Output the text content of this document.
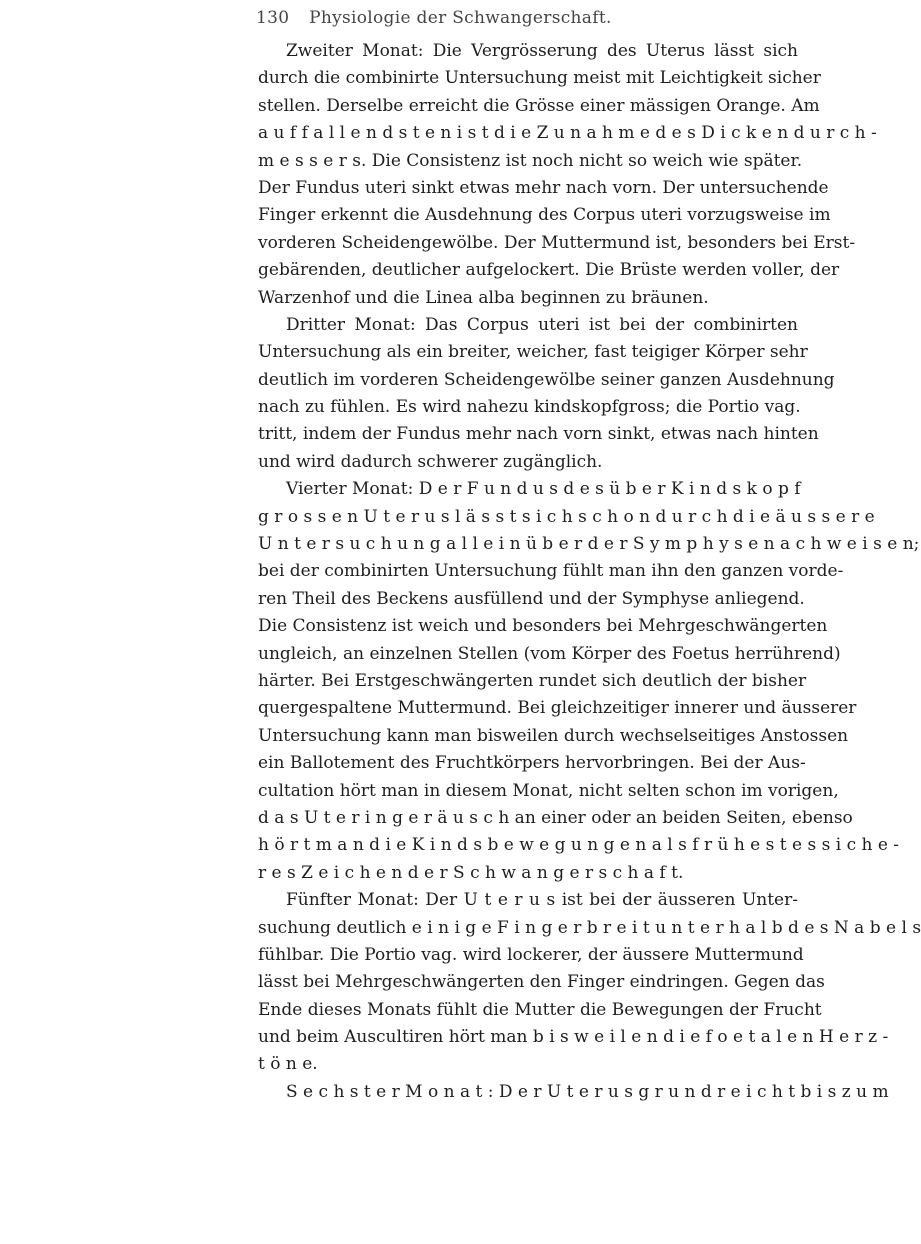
130 Physiologie der Schwangerschaft.
Zweiter Monat: Die Vergrösserung des Uterus lässt sich
durch die combinirte Untersuchung meist mit Leichtigkeit sicher
stellen. Derselbe erreicht die Grösse einer mässigen Orange. Am
a u f f a l l e n d s t e n i s t d i e Z u n a h m e d e s D i c k e n d u r c h -
m e s s e r s. Die Consistenz ist noch nicht so weich wie später.
Der Fundus uteri sinkt etwas mehr nach vorn. Der untersuchende
Finger erkennt die Ausdehnung des Corpus uteri vorzugsweise im
vorderen Scheidengewölbe. Der Muttermund ist, besonders bei Erst-
gebärenden, deutlicher aufgelockert. Die Brüste werden voller, der
Warzenhof und die Linea alba beginnen zu bräunen.
Dritter Monat: Das Corpus uteri ist bei der combinirten
Untersuchung als ein breiter, weicher, fast teigiger Körper sehr
deutlich im vorderen Scheidengewölbe seiner ganzen Ausdehnung
nach zu fühlen. Es wird nahezu kindskopfgross; die Portio vag.
tritt, indem der Fundus mehr nach vorn sinkt, etwas nach hinten
und wird dadurch schwerer zugänglich.
Vierter Monat: D e r F u n d u s d e s ü b e r K i n d s k o p f
g r o s s e n U t e r u s l ä s s t s i c h s c h o n d u r c h d i e ä u s s e r e
U n t e r s u c h u n g a l l e i n ü b e r d e r S y m p h y s e n a c h w e i s e n;
bei der combinirten Untersuchung fühlt man ihn den ganzen vorde-
ren Theil des Beckens ausfüllend und der Symphyse anliegend.
Die Consistenz ist weich und besonders bei Mehrgeschwängerten
ungleich, an einzelnen Stellen (vom Körper des Foetus herrührend)
härter. Bei Erstgeschwängerten rundet sich deutlich der bisher
quergespaltene Muttermund. Bei gleichzeitiger innerer und äusserer
Untersuchung kann man bisweilen durch wechselseitiges Anstossen
ein Ballotement des Fruchtkörpers hervorbringen. Bei der Aus-
cultation hört man in diesem Monat, nicht selten schon im vorigen,
d a s U t e r i n g e r ä u s c h an einer oder an beiden Seiten, ebenso
h ö r t m a n d i e K i n d s b e w e g u n g e n a l s f r ü h e s t e s s i c h e -
r e s Z e i c h e n d e r S c h w a n g e r s c h a f t.
Fünfter Monat: Der U t e r u s ist bei der äusseren Unter-
suchung deutlich e i n i g e F i n g e r b r e i t u n t e r h a l b d e s N a b e l s
fühlbar. Die Portio vag. wird lockerer, der äussere Muttermund
lässt bei Mehrgeschwängerten den Finger eindringen. Gegen das
Ende dieses Monats fühlt die Mutter die Bewegungen der Frucht
und beim Auscultiren hört man b i s w e i l e n d i e f o e t a l e n H e r z -
t ö n e.
S e c h s t e r M o n a t : D e r U t e r u s g r u n d r e i c h t b i s z u m
